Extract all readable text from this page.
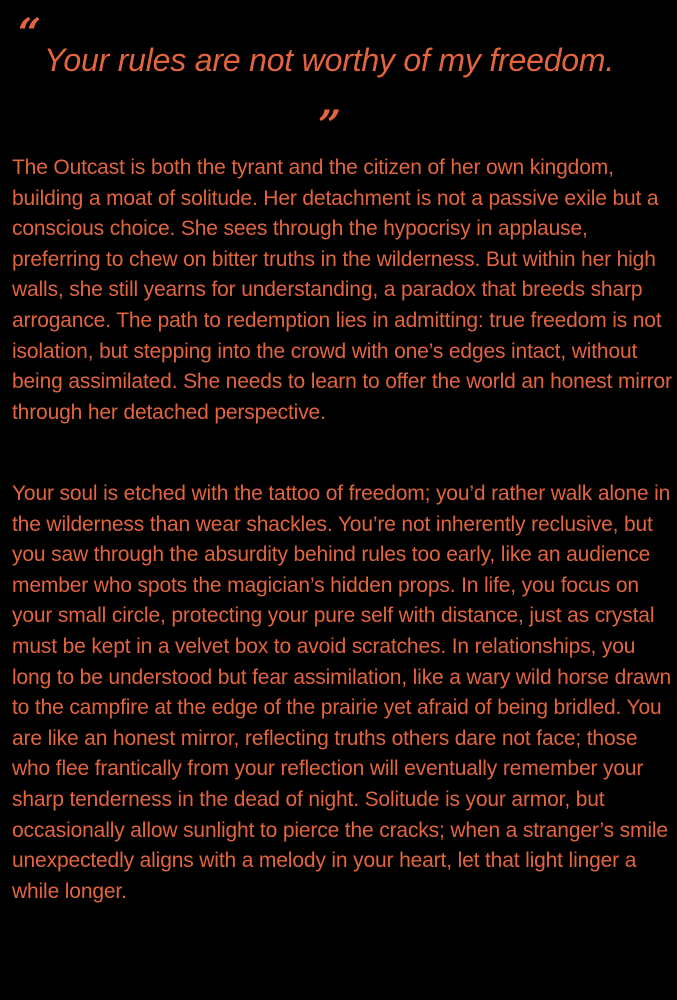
“
Your rules are not worthy of my freedom.
”

The Outcast is both the tyrant and the citizen of her own kingdom, building a moat of solitude. Her detachment is not a passive exile but a conscious choice. She sees through the hypocrisy in applause, preferring to chew on bitter truths in the wilderness. But within her high walls, she still yearns for understanding, a paradox that breeds sharp arrogance. The path to redemption lies in admitting: true freedom is not isolation, but stepping into the crowd with one’s edges intact, without being assimilated. She needs to learn to offer the world an honest mirror through her detached perspective.

Your soul is etched with the tattoo of freedom; you’d rather walk alone in the wilderness than wear shackles. You’re not inherently reclusive, but you saw through the absurdity behind rules too early, like an audience member who spots the magician’s hidden props. In life, you focus on your small circle, protecting your pure self with distance, just as crystal must be kept in a velvet box to avoid scratches. In relationships, you long to be understood but fear assimilation, like a wary wild horse drawn to the campfire at the edge of the prairie yet afraid of being bridled. You are like an honest mirror, reflecting truths others dare not face; those who flee frantically from your reflection will eventually remember your sharp tenderness in the dead of night. Solitude is your armor, but occasionally allow sunlight to pierce the cracks; when a stranger’s smile unexpectedly aligns with a melody in your heart, let that light linger a while longer.
